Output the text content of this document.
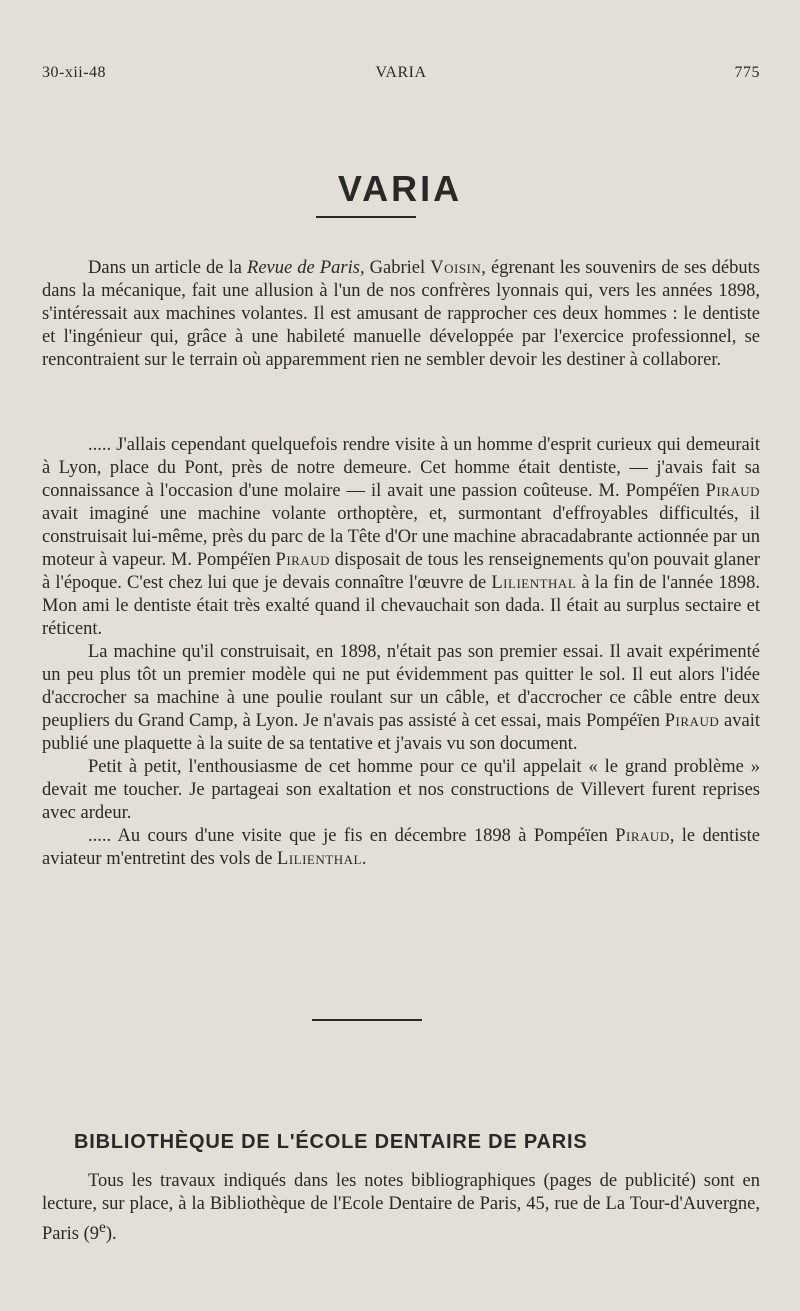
30-xii-48	VARIA	775
VARIA

Dans un article de la Revue de Paris, Gabriel Voisin, égrenant les souvenirs de ses débuts dans la mécanique, fait une allusion à l'un de nos confrères lyonnais qui, vers les années 1898, s'intéressait aux machines volantes. Il est amusant de rapprocher ces deux hommes : le dentiste et l'ingénieur qui, grâce à une habileté manuelle développée par l'exercice professionnel, se rencontraient sur le terrain où apparemment rien ne sembler devoir les destiner à collaborer.

..... J'allais cependant quelquefois rendre visite à un homme d'esprit curieux qui demeurait à Lyon, place du Pont, près de notre demeure. Cet homme était dentiste, — j'avais fait sa connaissance à l'occasion d'une molaire — il avait une passion coûteuse. M. Pompéïen Piraud avait imaginé une machine volante orthoptère, et, surmontant d'effroyables difficultés, il construisait lui-même, près du parc de la Tête d'Or une machine abracadabrante actionnée par un moteur à vapeur. M. Pompéïen Piraud disposait de tous les renseignements qu'on pouvait glaner à l'époque. C'est chez lui que je devais connaître l'œuvre de Lilienthal à la fin de l'année 1898. Mon ami le dentiste était très exalté quand il chevauchait son dada. Il était au surplus sectaire et réticent.

La machine qu'il construisait, en 1898, n'était pas son premier essai. Il avait expérimenté un peu plus tôt un premier modèle qui ne put évidemment pas quitter le sol. Il eut alors l'idée d'accrocher sa machine à une poulie roulant sur un câble, et d'accrocher ce câble entre deux peupliers du Grand Camp, à Lyon. Je n'avais pas assisté à cet essai, mais Pompéïen Piraud avait publié une plaquette à la suite de sa tentative et j'avais vu son document.

Petit à petit, l'enthousiasme de cet homme pour ce qu'il appelait « le grand problème » devait me toucher. Je partageai son exaltation et nos constructions de Villevert furent reprises avec ardeur.

..... Au cours d'une visite que je fis en décembre 1898 à Pompéïen Piraud, le dentiste aviateur m'entretint des vols de Lilienthal.

BIBLIOTHÈQUE DE L'ÉCOLE DENTAIRE DE PARIS

Tous les travaux indiqués dans les notes bibliographiques (pages de publicité) sont en lecture, sur place, à la Bibliothèque de l'Ecole Dentaire de Paris, 45, rue de La Tour-d'Auvergne, Paris (9e).
